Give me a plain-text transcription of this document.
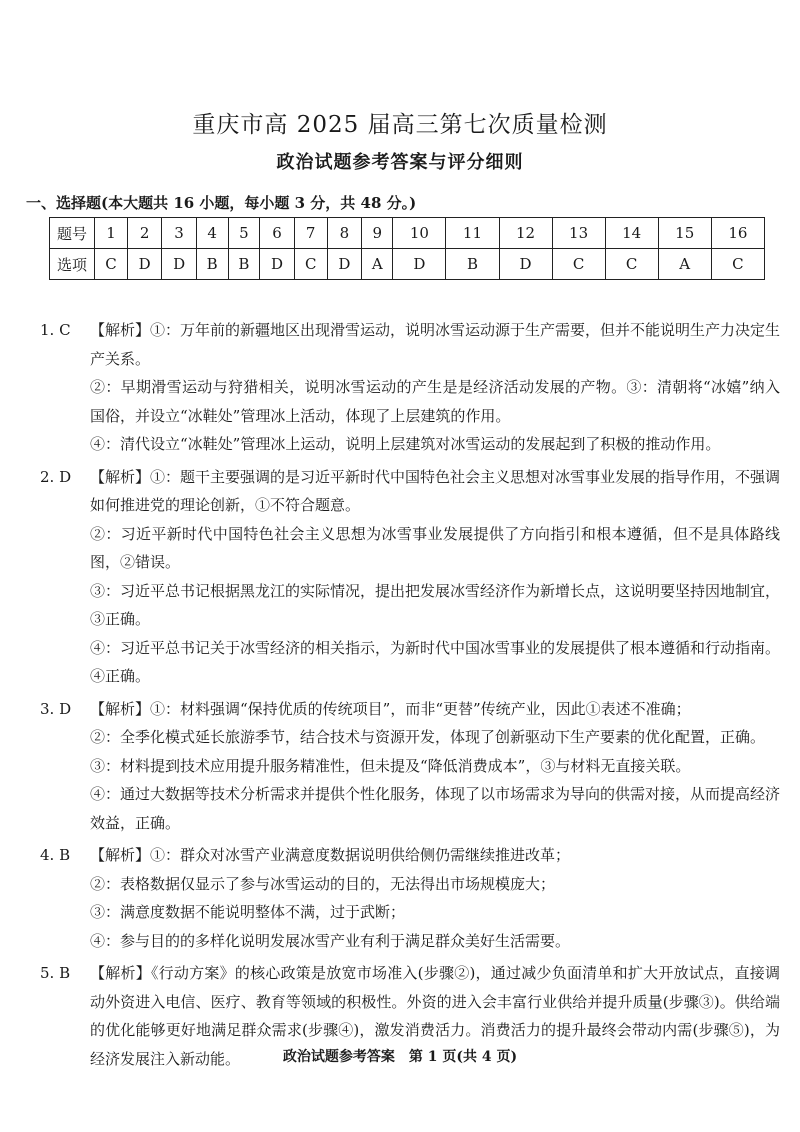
重庆市高 2025 届高三第七次质量检测
政治试题参考答案与评分细则
一、选择题(本大题共 16 小题，每小题 3 分，共 48 分。)
题号	1	2	3	4	5	6	7	8	9	10	11	12	13	14	15	16
选项	C	D	D	B	B	D	C	D	A	D	B	D	C	C	A	C
1. C	【解析】①：万年前的新疆地区出现滑雪运动，说明冰雪运动源于生产需要，但并不能说明生产力决定生产关系。

②：早期滑雪运动与狩猎相关，说明冰雪运动的产生是是经济活动发展的产物。③：清朝将“冰嬉”纳入国俗，并设立“冰鞋处”管理冰上活动，体现了上层建筑的作用。

④：清代设立“冰鞋处”管理冰上运动，说明上层建筑对冰雪运动的发展起到了积极的推动作用。

2. D	【解析】①：题干主要强调的是习近平新时代中国特色社会主义思想对冰雪事业发展的指导作用，不强调如何推进党的理论创新，①不符合题意。

②：习近平新时代中国特色社会主义思想为冰雪事业发展提供了方向指引和根本遵循，但不是具体路线图，②错误。

③：习近平总书记根据黑龙江的实际情况，提出把发展冰雪经济作为新增长点，这说明要坚持因地制宜，③正确。

④：习近平总书记关于冰雪经济的相关指示，为新时代中国冰雪事业的发展提供了根本遵循和行动指南。④正确。

3. D	【解析】①：材料强调“保持优质的传统项目”，而非“更替”传统产业，因此①表述不准确；

②：全季化模式延长旅游季节，结合技术与资源开发，体现了创新驱动下生产要素的优化配置，正确。

③：材料提到技术应用提升服务精准性，但未提及“降低消费成本”，③与材料无直接关联。

④：通过大数据等技术分析需求并提供个性化服务，体现了以市场需求为导向的供需对接，从而提高经济效益，正确。

4. B	【解析】①：群众对冰雪产业满意度数据说明供给侧仍需继续推进改革；

②：表格数据仅显示了参与冰雪运动的目的，无法得出市场规模庞大；

③：满意度数据不能说明整体不满，过于武断；

④：参与目的的多样化说明发展冰雪产业有利于满足群众美好生活需要。

5. B	【解析】《行动方案》的核心政策是放宽市场准入(步骤②)，通过减少负面清单和扩大开放试点，直接调动外资进入电信、医疗、教育等领域的积极性。外资的进入会丰富行业供给并提升质量(步骤③)。供给端的优化能够更好地满足群众需求(步骤④)，激发消费活力。消费活力的提升最终会带动内需(步骤⑤)，为经济发展注入新动能。	政治试题参考答案　第 1 页(共 4 页)
